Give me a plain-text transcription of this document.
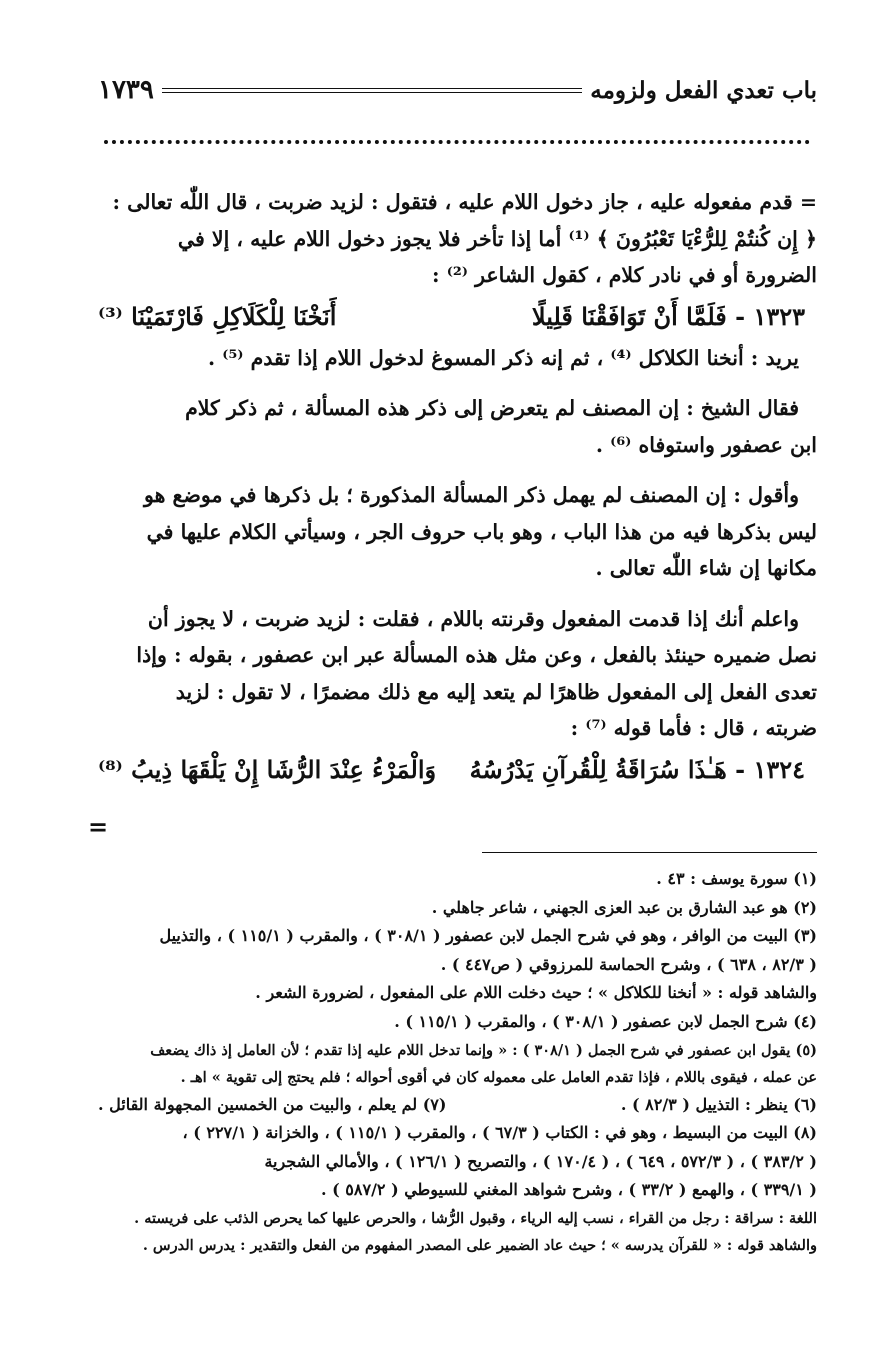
باب تعدي الفعل ولزومه
١٧٣٩

= قدم مفعوله عليه ، جاز دخول اللام عليه ، فتقول : لزيد ضربت ، قال اللّٰه تعالى :

﴿ إِن كُنتُمْ لِلرُّءْيَا تَعْبُرُونَ ﴾ ⁽¹⁾ أما إذا تأخر فلا يجوز دخول اللام عليه ، إلا في

الضرورة أو في نادر كلام ، كقول الشاعر ⁽²⁾ :

١٣٢٣ - فَلَمَّا أَنْ تَوَافَقْنَا قَلِيلًا
أَنَخْنَا لِلْكَلَاكِلِ فَارْتَمَيْنَا ⁽³⁾

يريد : أنخنا الكلاكل ⁽⁴⁾ ، ثم إنه ذكر المسوغ لدخول اللام إذا تقدم ⁽⁵⁾ .

فقال الشيخ : إن المصنف لم يتعرض إلى ذكر هذه المسألة ، ثم ذكر كلام

ابن عصفور واستوفاه ⁽⁶⁾ .

وأقول : إن المصنف لم يهمل ذكر المسألة المذكورة ؛ بل ذكرها في موضع هو

ليس بذكرها فيه من هذا الباب ، وهو باب حروف الجر ، وسيأتي الكلام عليها في

مكانها إن شاء اللّٰه تعالى .

واعلم أنك إذا قدمت المفعول وقرنته باللام ، فقلت : لزيد ضربت ، لا يجوز أن

نصل ضميره حينئذ بالفعل ، وعن مثل هذه المسألة عبر ابن عصفور ، بقوله : وإذا

تعدى الفعل إلى المفعول ظاهرًا لم يتعد إليه مع ذلك مضمرًا ، لا تقول : لزيد

ضربته ، قال : فأما قوله ⁽⁷⁾ :

١٣٢٤ - هَـٰذَا سُرَاقَةُ لِلْقُرآنِ يَدْرُسُهُ
وَالْمَرْءُ عِنْدَ الرُّشَا إِنْ يَلْقَهَا ذِيبُ ⁽⁸⁾
=

(١) سورة يوسف : ٤٣ .

(٢) هو عبد الشارق بن عبد العزى الجهني ، شاعر جاهلي .

(٣) البيت من الوافر ، وهو في شرح الجمل لابن عصفور ( ٣٠٨/١ ) ، والمقرب ( ١١٥/١ ) ، والتذييل

( ٨٢/٣ ، ٦٣٨ ) ، وشرح الحماسة للمرزوقي ( ص٤٤٧ ) .

والشاهد قوله : « أنخنا للكلاكل » ؛ حيث دخلت اللام على المفعول ، لضرورة الشعر .

(٤) شرح الجمل لابن عصفور ( ٣٠٨/١ ) ، والمقرب ( ١١٥/١ ) .

(٥) يقول ابن عصفور في شرح الجمل ( ٣٠٨/١ ) : « وإنما تدخل اللام عليه إذا تقدم ؛ لأن العامل إذ ذاك يضعف

عن عمله ، فيقوى باللام ، فإذا تقدم العامل على معموله كان في أقوى أحواله ؛ فلم يحتج إلى تقوية » اهـ .

(٦) ينظر : التذييل ( ٨٢/٣ ) .
(٧) لم يعلم ، والبيت من الخمسين المجهولة القائل .

(٨) البيت من البسيط ، وهو في : الكتاب ( ٦٧/٣ ) ، والمقرب ( ١١٥/١ ) ، والخزانة ( ٢٢٧/١ ) ،

( ٣٨٣/٢ ) ، ( ٥٧٢/٣ ، ٦٤٩ ) ، ( ١٧٠/٤ ) ، والتصريح ( ١٢٦/١ ) ، والأمالي الشجرية

( ٣٣٩/١ ) ، والهمع ( ٣٣/٢ ) ، وشرح شواهد المغني للسيوطي ( ٥٨٧/٢ ) .

اللغة : سراقة : رجل من القراء ، نسب إليه الرياء ، وقبول الرُّشا ، والحرص عليها كما يحرص الذئب على فريسته .

والشاهد قوله : « للقرآن يدرسه » ؛ حيث عاد الضمير على المصدر المفهوم من الفعل والتقدير : يدرس الدرس .
